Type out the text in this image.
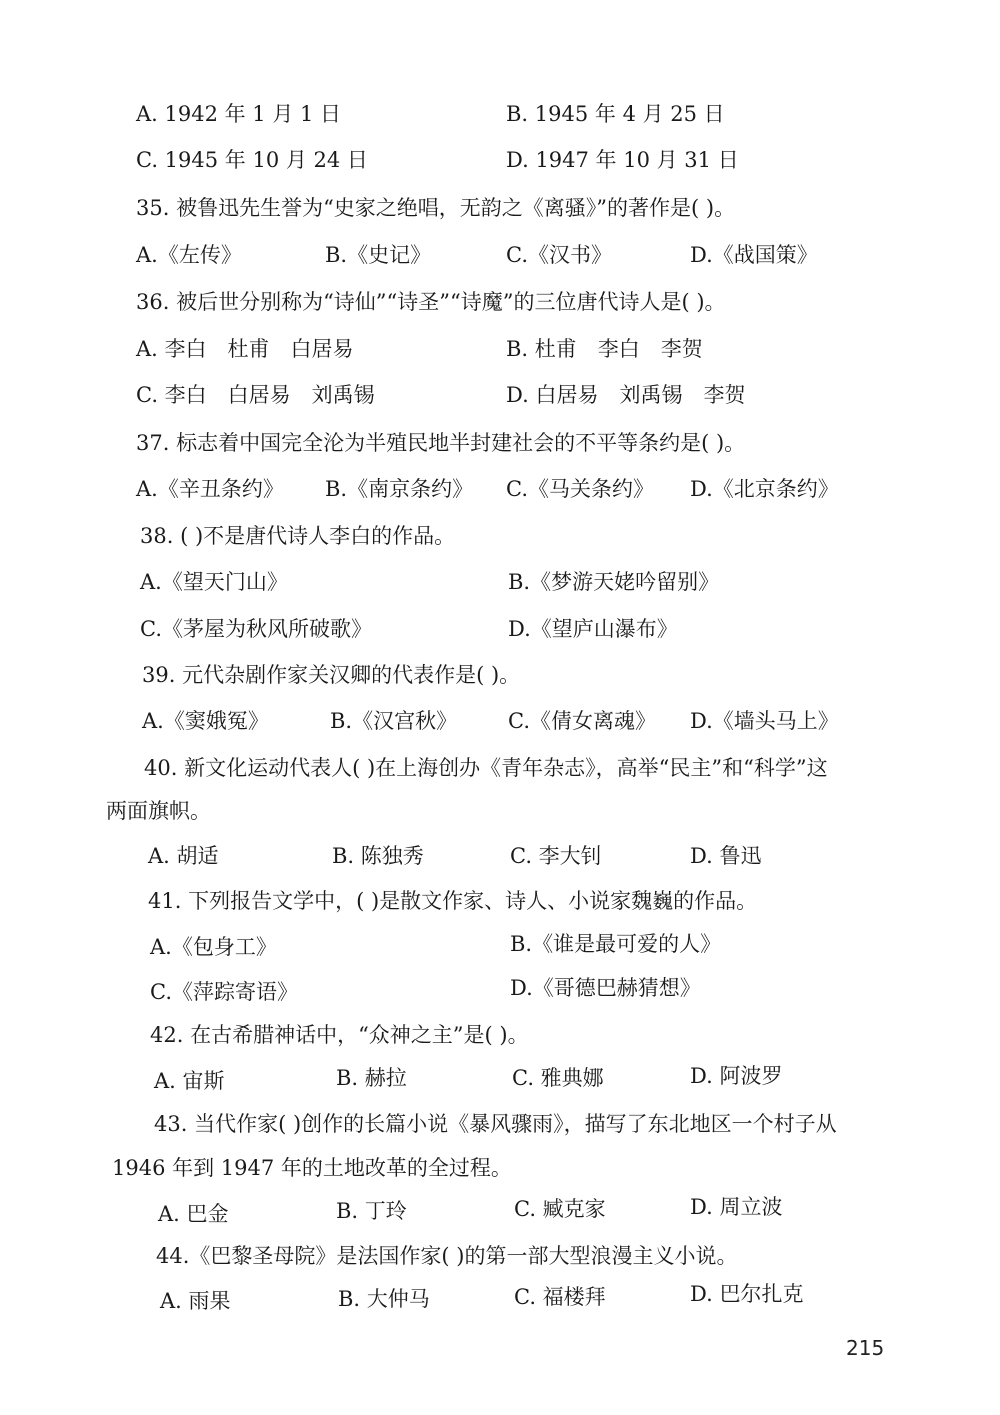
A. 1942 年 1 月 1 日	B. 1945 年 4 月 25 日
C. 1945 年 10 月 24 日	D. 1947 年 10 月 31 日
35. 被鲁迅先生誉为“史家之绝唱，无韵之《离骚》”的著作是( )。
A.《左传》	B.《史记》	C.《汉书》	D.《战国策》
36. 被后世分别称为“诗仙”“诗圣”“诗魔”的三位唐代诗人是( )。
A. 李白　杜甫　白居易	B. 杜甫　李白　李贺
C. 李白　白居易　刘禹锡	D. 白居易　刘禹锡　李贺
37. 标志着中国完全沦为半殖民地半封建社会的不平等条约是( )。
A.《辛丑条约》 B.《南京条约》 C.《马关条约》 D.《北京条约》
38. ( )不是唐代诗人李白的作品。
A.《望天门山》	B.《梦游天姥吟留别》
C.《茅屋为秋风所破歌》	D.《望庐山瀑布》
39. 元代杂剧作家关汉卿的代表作是( )。
A.《窦娥冤》	B.《汉宫秋》 C.《倩女离魂》 D.《墙头马上》
40. 新文化运动代表人( )在上海创办《青年杂志》，高举“民主”和“科学”这
两面旗帜。
A. 胡适	B. 陈独秀	C. 李大钊	D. 鲁迅
41. 下列报告文学中，( )是散文作家、诗人、小说家魏巍的作品。
A.《包身工》	B.《谁是最可爱的人》
C.《萍踪寄语》	D.《哥德巴赫猜想》
42. 在古希腊神话中，“众神之主”是( )。
A. 宙斯	B. 赫拉	C. 雅典娜	D. 阿波罗
43. 当代作家( )创作的长篇小说《暴风骤雨》，描写了东北地区一个村子从
1946 年到 1947 年的土地改革的全过程。
A. 巴金	B. 丁玲	C. 臧克家	D. 周立波
44.《巴黎圣母院》是法国作家( )的第一部大型浪漫主义小说。
A. 雨果	B. 大仲马	C. 福楼拜	D. 巴尔扎克
215
